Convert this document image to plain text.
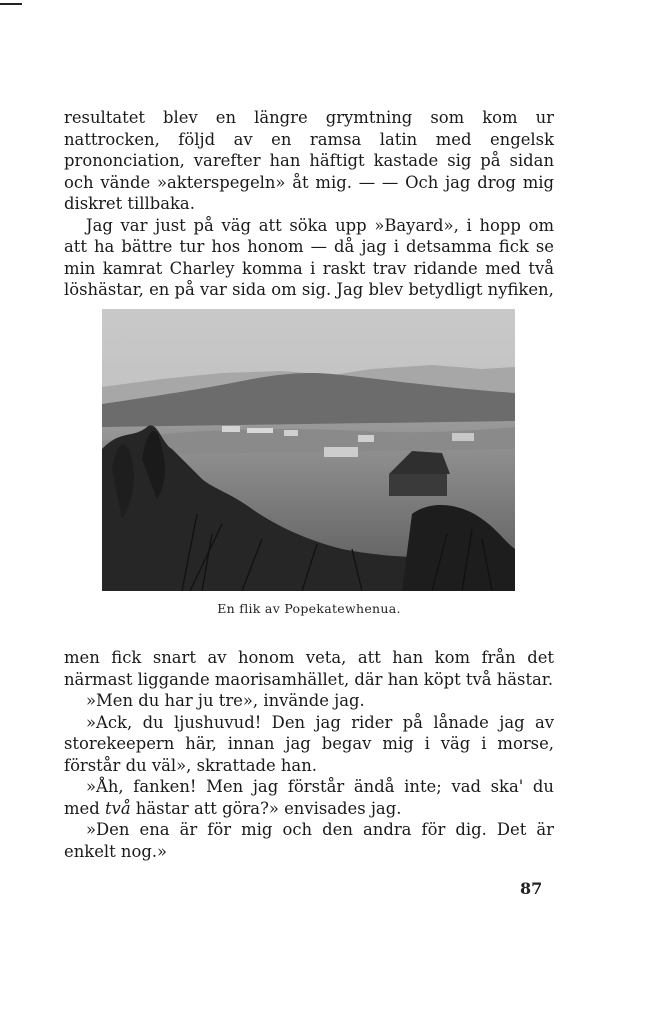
resultatet blev en längre grymtning som kom ur nattrocken, följd av en ramsa latin med engelsk prononciation, varefter han häftigt kastade sig på sidan och vände »akterspegeln» åt mig. — — Och jag drog mig diskret tillbaka.

Jag var just på väg att söka upp »Bayard», i hopp om att ha bättre tur hos honom — då jag i detsamma fick se min kamrat Charley komma i raskt trav ridande med två löshästar, en på var sida om sig. Jag blev betydligt nyfiken,

En flik av Popekatewhenua.

men fick snart av honom veta, att han kom från det närmast liggande maorisamhället, där han köpt två hästar.

»Men du har ju tre», invände jag.

»Ack, du ljushuvud! Den jag rider på lånade jag av storekeepern här, innan jag begav mig i väg i morse, förstår du väl», skrattade han.

»Åh, fanken! Men jag förstår ändå inte; vad ska' du med två hästar att göra?» envisades jag.

»Den ena är för mig och den andra för dig. Det är enkelt nog.»

87
